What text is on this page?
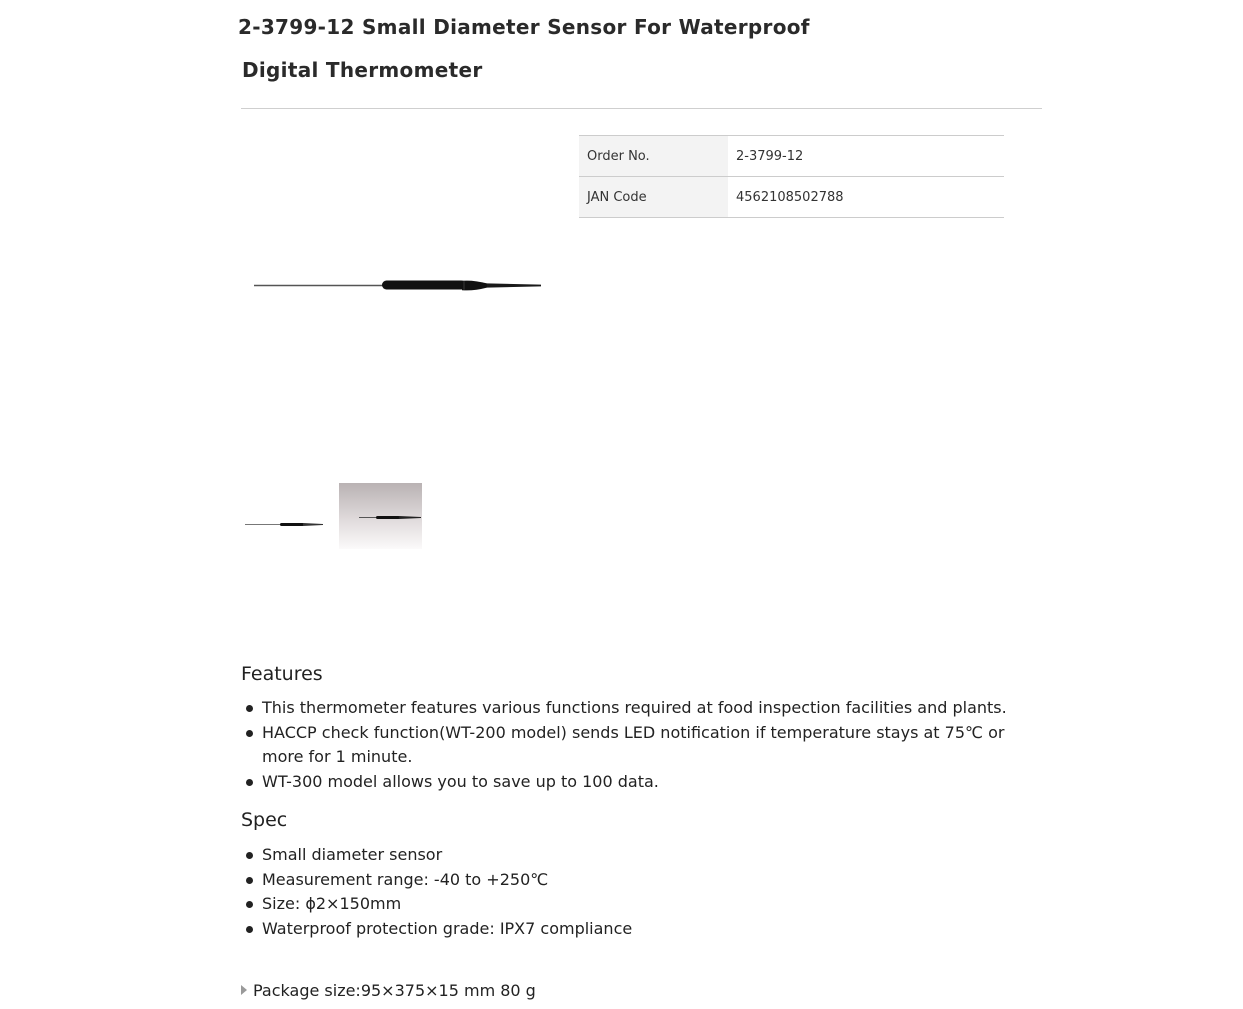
2-3799-12 Small Diameter Sensor For Waterproof
Digital Thermometer
Order No.	2-3799-12
JAN Code	4562108502788
Features
This thermometer features various functions required at food inspection facilities and plants.
HACCP check function(WT-200 model) sends LED notification if temperature stays at 75℃ or more for 1 minute.
WT-300 model allows you to save up to 100 data.
Spec
Small diameter sensor
Measurement range: -40 to +250℃
Size: ϕ2×150mm
Waterproof protection grade: IPX7 compliance
Package size:95×375×15 mm 80 g
